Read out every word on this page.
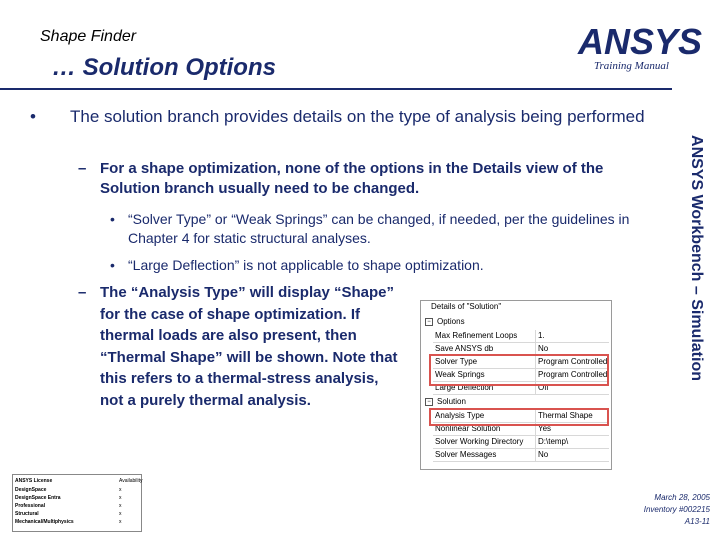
Shape Finder
… Solution Options
ANSYS
Training Manual
ANSYS Workbench – Simulation
• The solution branch provides details on the type of analysis being performed
– For a shape optimization, none of the options in the Details view of the Solution branch usually need to be changed.
• “Solver Type” or “Weak Springs” can be changed, if needed, per the guidelines in Chapter 4 for static structural analyses.
• “Large Deflection” is not applicable to shape optimization.
– The “Analysis Type” will display “Shape” for the case of shape optimization. If thermal loads are also present, then “Thermal Shape” will be shown. Note that this refers to a thermal-stress analysis, not a purely thermal analysis.
Details of "Solution"
− Options
Max Refinement Loops	1.
Save ANSYS db	No
Solver Type	Program Controlled
Weak Springs	Program Controlled
Large Deflection	Off
− Solution
Analysis Type	Thermal Shape
Nonlinear Solution	Yes
Solver Working Directory	D:\temp\
Solver Messages	No
ANSYS License	Availability
DesignSpace	x
DesignSpace Entra	x
Professional	x
Structural	x
Mechanical/Multiphysics	x
March 28, 2005
Inventory #002215
A13-11
